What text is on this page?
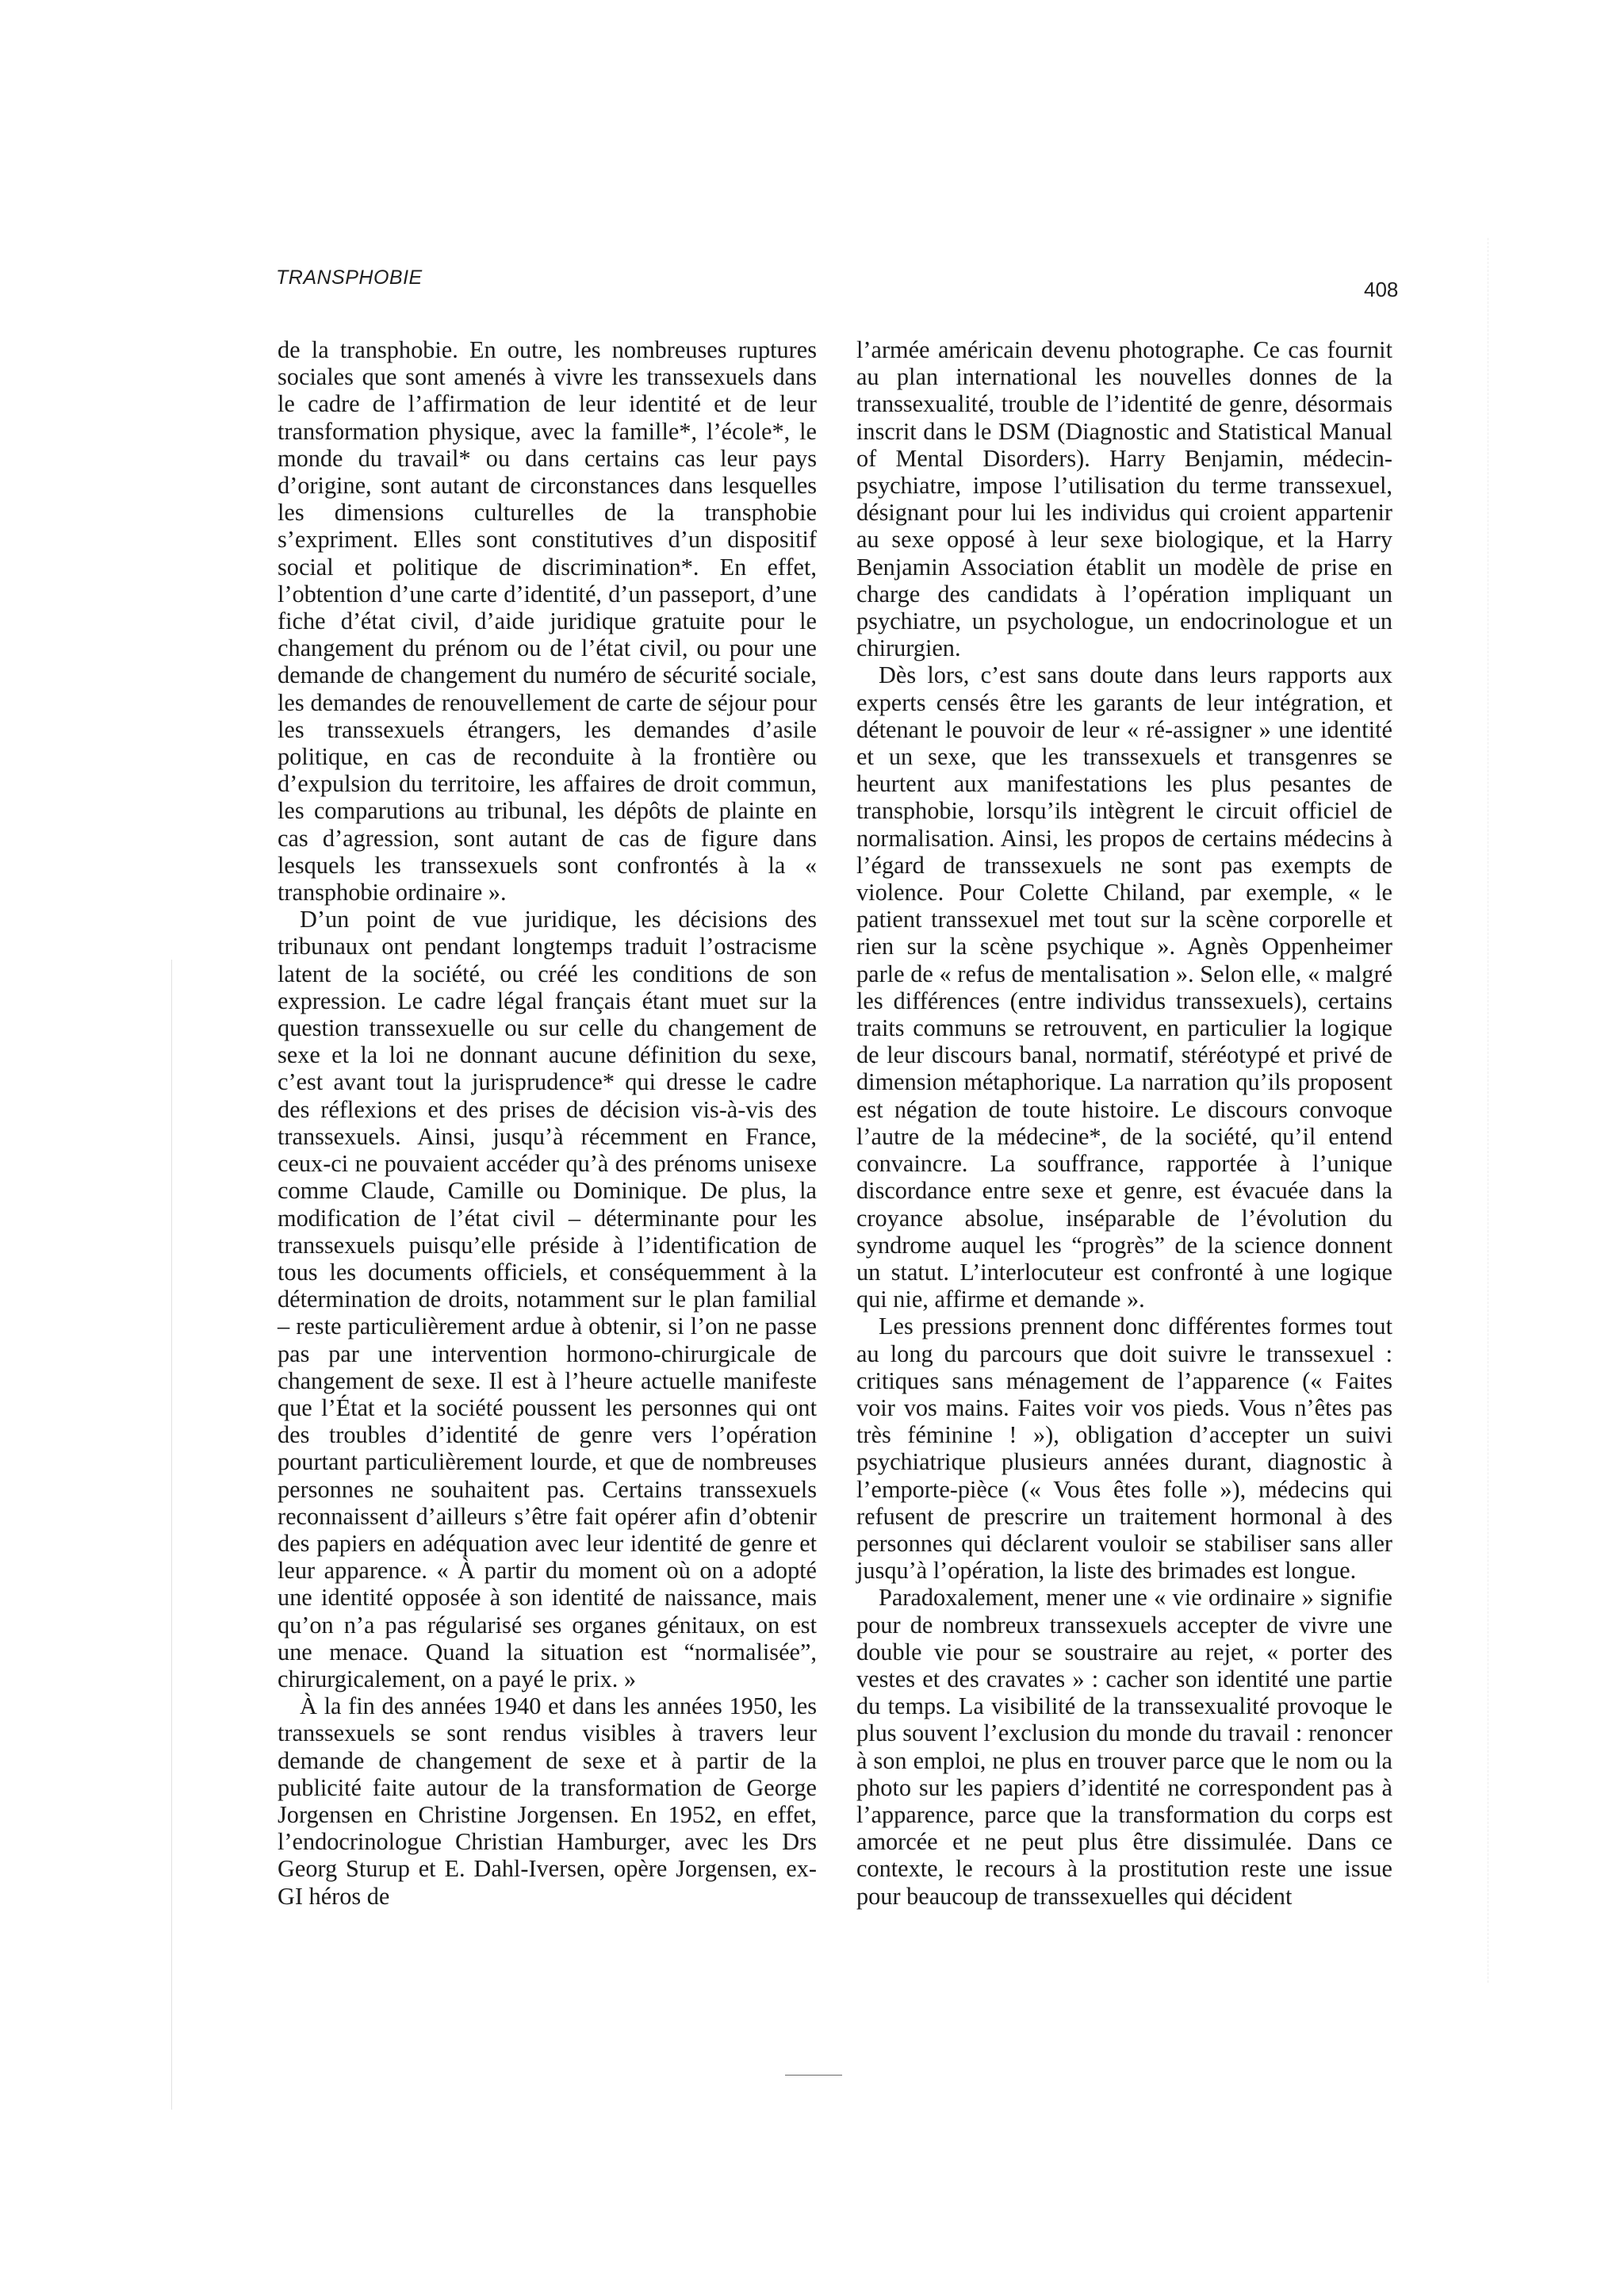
TRANSPHOBIE	408

de la transphobie. En outre, les nombreuses ruptures sociales que sont amenés à vivre les transsexuels dans le cadre de l’affirmation de leur identité et de leur transformation physique, avec la famille*, l’école*, le monde du travail* ou dans certains cas leur pays d’origine, sont autant de circonstances dans lesquelles les dimensions culturelles de la transphobie s’expriment. Elles sont constitutives d’un dispositif social et politique de discrimination*. En effet, l’obtention d’une carte d’identité, d’un passeport, d’une fiche d’état civil, d’aide juridique gratuite pour le changement du prénom ou de l’état civil, ou pour une demande de changement du numéro de sécurité sociale, les demandes de renouvellement de carte de séjour pour les transsexuels étrangers, les demandes d’asile politique, en cas de reconduite à la frontière ou d’expulsion du territoire, les affaires de droit commun, les comparutions au tribunal, les dépôts de plainte en cas d’agression, sont autant de cas de figure dans lesquels les transsexuels sont confrontés à la « transphobie ordinaire ».

D’un point de vue juridique, les décisions des tribunaux ont pendant longtemps traduit l’ostracisme latent de la société, ou créé les conditions de son expression. Le cadre légal français étant muet sur la question transsexuelle ou sur celle du changement de sexe et la loi ne donnant aucune définition du sexe, c’est avant tout la jurisprudence* qui dresse le cadre des réflexions et des prises de décision vis-à-vis des transsexuels. Ainsi, jusqu’à récemment en France, ceux-ci ne pouvaient accéder qu’à des prénoms unisexe comme Claude, Camille ou Dominique. De plus, la modification de l’état civil – déterminante pour les transsexuels puisqu’elle préside à l’identification de tous les documents officiels, et conséquemment à la détermination de droits, notamment sur le plan familial – reste particulièrement ardue à obtenir, si l’on ne passe pas par une intervention hormono-chirurgicale de changement de sexe. Il est à l’heure actuelle manifeste que l’État et la société poussent les personnes qui ont des troubles d’identité de genre vers l’opération pourtant particulièrement lourde, et que de nombreuses personnes ne souhaitent pas. Certains transsexuels reconnaissent d’ailleurs s’être fait opérer afin d’obtenir des papiers en adéquation avec leur identité de genre et leur apparence. « À partir du moment où on a adopté une identité opposée à son identité de naissance, mais qu’on n’a pas régularisé ses organes génitaux, on est une menace. Quand la situation est “normalisée”, chirurgicalement, on a payé le prix. »

À la fin des années 1940 et dans les années 1950, les transsexuels se sont rendus visibles à travers leur demande de changement de sexe et à partir de la publicité faite autour de la transformation de George Jorgensen en Christine Jorgensen. En 1952, en effet, l’endocrinologue Christian Hamburger, avec les Drs Georg Sturup et E. Dahl-Iversen, opère Jorgensen, ex-GI héros de

l’armée américain devenu photographe. Ce cas fournit au plan international les nouvelles donnes de la transsexualité, trouble de l’identité de genre, désormais inscrit dans le DSM (Diagnostic and Statistical Manual of Mental Disorders). Harry Benjamin, médecin-psychiatre, impose l’utilisation du terme transsexuel, désignant pour lui les individus qui croient appartenir au sexe opposé à leur sexe biologique, et la Harry Benjamin Association établit un modèle de prise en charge des candidats à l’opération impliquant un psychiatre, un psychologue, un endocrinologue et un chirurgien.

Dès lors, c’est sans doute dans leurs rapports aux experts censés être les garants de leur intégration, et détenant le pouvoir de leur « ré-assigner » une identité et un sexe, que les transsexuels et transgenres se heurtent aux manifestations les plus pesantes de transphobie, lorsqu’ils intègrent le circuit officiel de normalisation. Ainsi, les propos de certains médecins à l’égard de transsexuels ne sont pas exempts de violence. Pour Colette Chiland, par exemple, « le patient transsexuel met tout sur la scène corporelle et rien sur la scène psychique ». Agnès Oppenheimer parle de « refus de mentalisation ». Selon elle, « malgré les différences (entre individus transsexuels), certains traits communs se retrouvent, en particulier la logique de leur discours banal, normatif, stéréotypé et privé de dimension métaphorique. La narration qu’ils proposent est négation de toute histoire. Le discours convoque l’autre de la médecine*, de la société, qu’il entend convaincre. La souffrance, rapportée à l’unique discordance entre sexe et genre, est évacuée dans la croyance absolue, inséparable de l’évolution du syndrome auquel les “progrès” de la science donnent un statut. L’interlocuteur est confronté à une logique qui nie, affirme et demande ».

Les pressions prennent donc différentes formes tout au long du parcours que doit suivre le transsexuel : critiques sans ménagement de l’apparence (« Faites voir vos mains. Faites voir vos pieds. Vous n’êtes pas très féminine ! »), obligation d’accepter un suivi psychiatrique plusieurs années durant, diagnostic à l’emporte-pièce (« Vous êtes folle »), médecins qui refusent de prescrire un traitement hormonal à des personnes qui déclarent vouloir se stabiliser sans aller jusqu’à l’opération, la liste des brimades est longue.

Paradoxalement, mener une « vie ordinaire » signifie pour de nombreux transsexuels accepter de vivre une double vie pour se soustraire au rejet, « porter des vestes et des cravates » : cacher son identité une partie du temps. La visibilité de la transsexualité provoque le plus souvent l’exclusion du monde du travail : renoncer à son emploi, ne plus en trouver parce que le nom ou la photo sur les papiers d’identité ne correspondent pas à l’apparence, parce que la transformation du corps est amorcée et ne peut plus être dissimulée. Dans ce contexte, le recours à la prostitution reste une issue pour beaucoup de transsexuelles qui décident
